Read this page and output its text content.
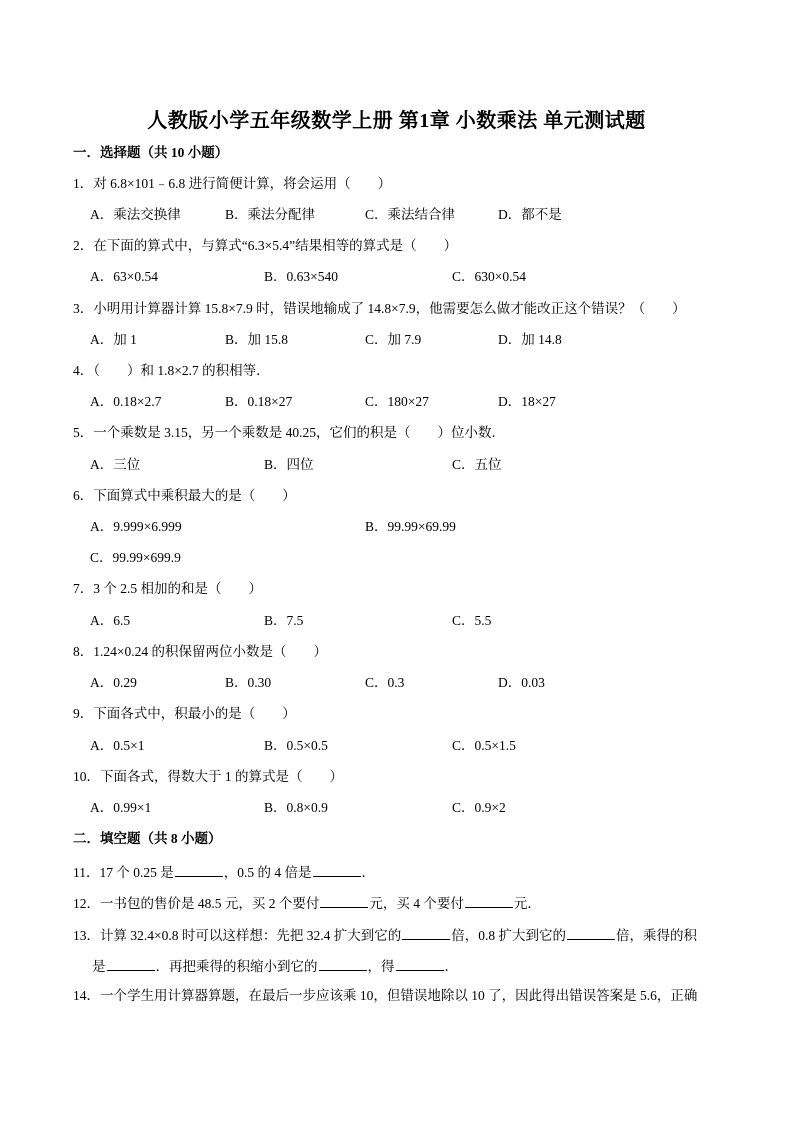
人教版小学五年级数学上册 第1章 小数乘法 单元测试题
一．选择题（共 10 小题）
1．对 6.8×101﹣6.8 进行简便计算，将会运用（　　）
A．乘法交换律	B．乘法分配律	C．乘法结合律	D．都不是
2．在下面的算式中，与算式“6.3×5.4”结果相等的算式是（　　）
A．63×0.54	B．0.63×540	C．630×0.54
3．小明用计算器计算 15.8×7.9 时，错误地输成了 14.8×7.9，他需要怎么做才能改正这个错误？（　　）
A．加 1	B．加 15.8	C．加 7.9	D．加 14.8
4．（　　）和 1.8×2.7 的积相等．
A．0.18×2.7	B．0.18×27	C．180×27	D．18×27
5．一个乘数是 3.15，另一个乘数是 40.25，它们的积是（　　）位小数．
A．三位	B．四位	C．五位
6．下面算式中乘积最大的是（　　）
A．9.999×6.999	B．99.99×69.99
C．99.99×699.9
7．3 个 2.5 相加的和是（　　）
A．6.5	B．7.5	C．5.5
8．1.24×0.24 的积保留两位小数是（　　）
A．0.29	B．0.30	C．0.3	D．0.03
9．下面各式中，积最小的是（　　）
A．0.5×1	B．0.5×0.5	C．0.5×1.5
10．下面各式，得数大于 1 的算式是（　　）
A．0.99×1	B．0.8×0.9	C．0.9×2
二．填空题（共 8 小题）
11．17 个 0.25 是	，0.5 的 4 倍是	．
12．一书包的售价是 48.5 元，买 2 个要付	元，买 4 个要付	元．
13．计算 32.4×0.8 时可以这样想：先把 32.4 扩大到它的	倍，0.8 扩大到它的	倍，乘得的积
是	．再把乘得的积缩小到它的	，得	．
14．一个学生用计算器算题，在最后一步应该乘 10，但错误地除以 10 了，因此得出错误答案是 5.6，正确
